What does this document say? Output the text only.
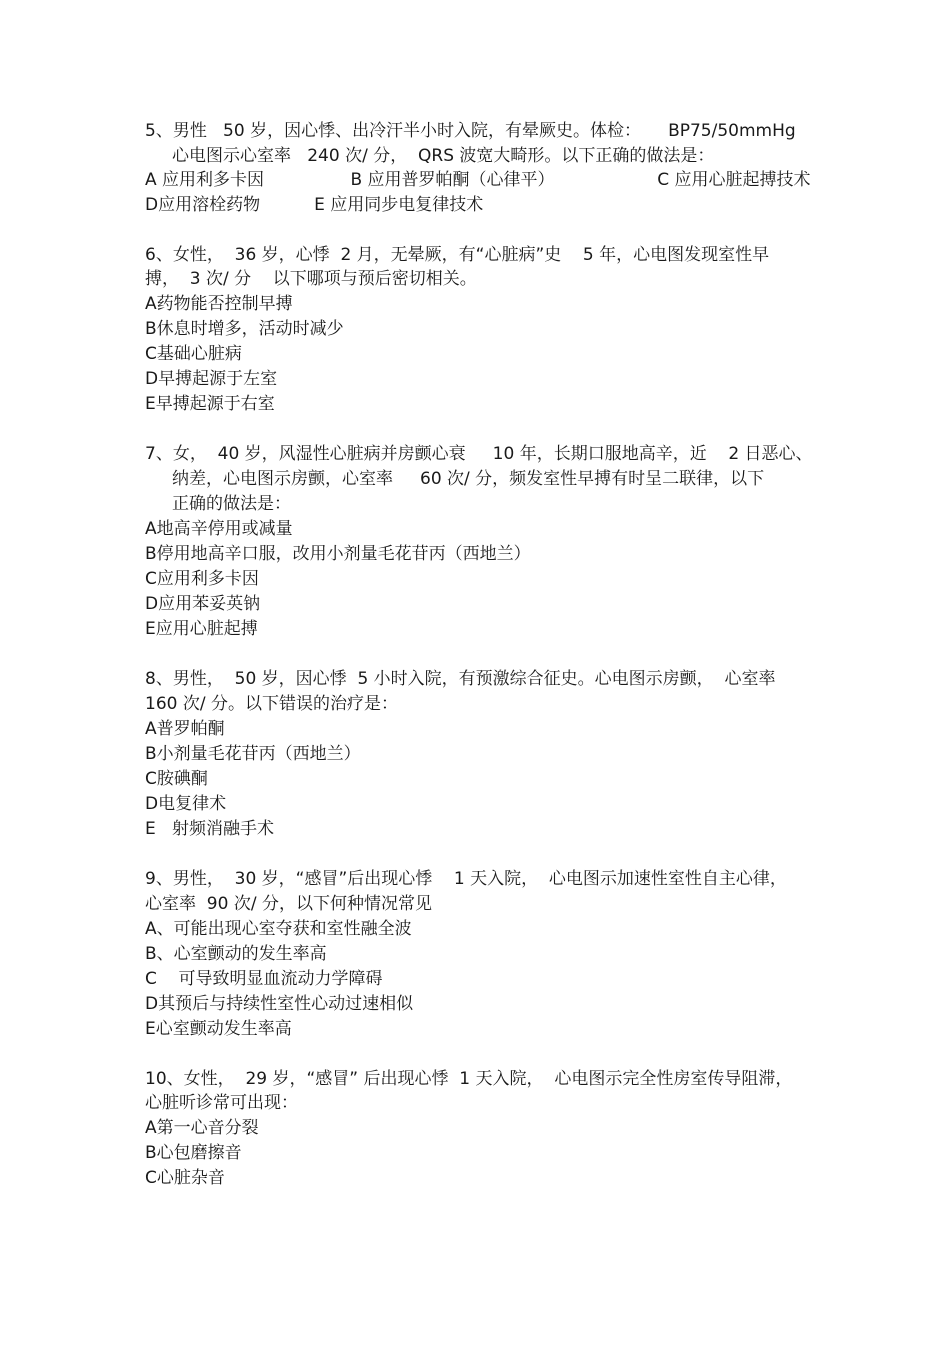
5、男性   50 岁，因心悸、出冷汗半小时入院，有晕厥史。体检：     BP75/50mmHg

心电图示心室率   240 次/ 分，  QRS 波宽大畸形。以下正确的做法是：

A 应用利多卡因                B 应用普罗帕酮（心律平）                   C 应用心脏起搏技术

D应用溶栓药物          E 应用同步电复律技术

6、女性，  36 岁，心悸  2 月，无晕厥，有“心脏病”史    5 年，心电图发现室性早

搏，  3 次/ 分    以下哪项与预后密切相关。

A药物能否控制早搏

B休息时增多，活动时减少

C基础心脏病

D早搏起源于左室

E早搏起源于右室

7、女，  40 岁，风湿性心脏病并房颤心衰     10 年，长期口服地高辛，近    2 日恶心、

纳差，心电图示房颤，心室率     60 次/ 分，频发室性早搏有时呈二联律，以下

正确的做法是：

A地高辛停用或减量

B停用地高辛口服，改用小剂量毛花苷丙（西地兰）

C应用利多卡因

D应用苯妥英钠

E应用心脏起搏

8、男性，  50 岁，因心悸  5 小时入院，有预激综合征史。心电图示房颤，  心室率

160 次/ 分。以下错误的治疗是：

A普罗帕酮

B小剂量毛花苷丙（西地兰）

C胺碘酮

D电复律术

E   射频消融手术

9、男性，  30 岁，“感冒”后出现心悸    1 天入院，  心电图示加速性室性自主心律，

心室率  90 次/ 分，以下何种情况常见

A、可能出现心室夺获和室性融全波

B、心室颤动的发生率高

C    可导致明显血流动力学障碍

D其预后与持续性室性心动过速相似

E心室颤动发生率高

10、女性，  29 岁，“感冒” 后出现心悸  1 天入院，  心电图示完全性房室传导阻滞，

心脏听诊常可出现：

A第一心音分裂

B心包磨擦音

C心脏杂音
